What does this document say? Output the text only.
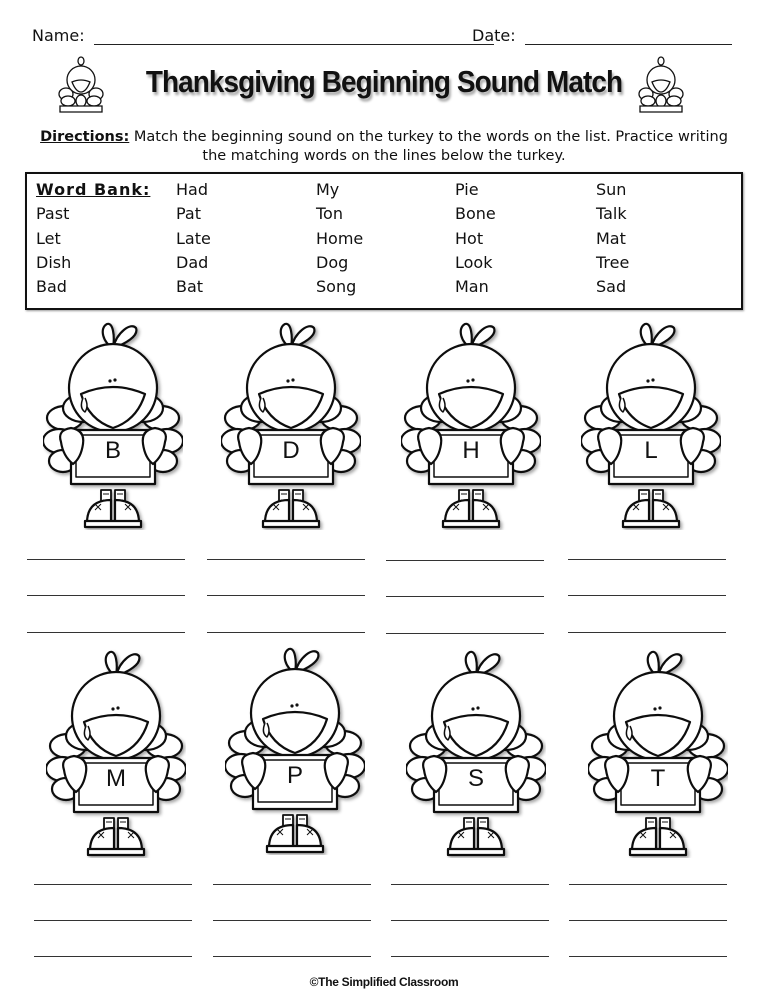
Name:	Date:
Thanksgiving Beginning Sound Match
Directions: Match the beginning sound on the turkey to the words on the list. Practice writing the matching words on the lines below the turkey.
Word Bank:	Had	My	Pie	Sun
Past	Pat	Ton	Bone	Talk
Let	Late	Home	Hot	Mat
Dish	Dad	Dog	Look	Tree
Bad	Bat	Song	Man	Sad
B	D	H	L
M	P	S	T
©The Simplified Classroom
